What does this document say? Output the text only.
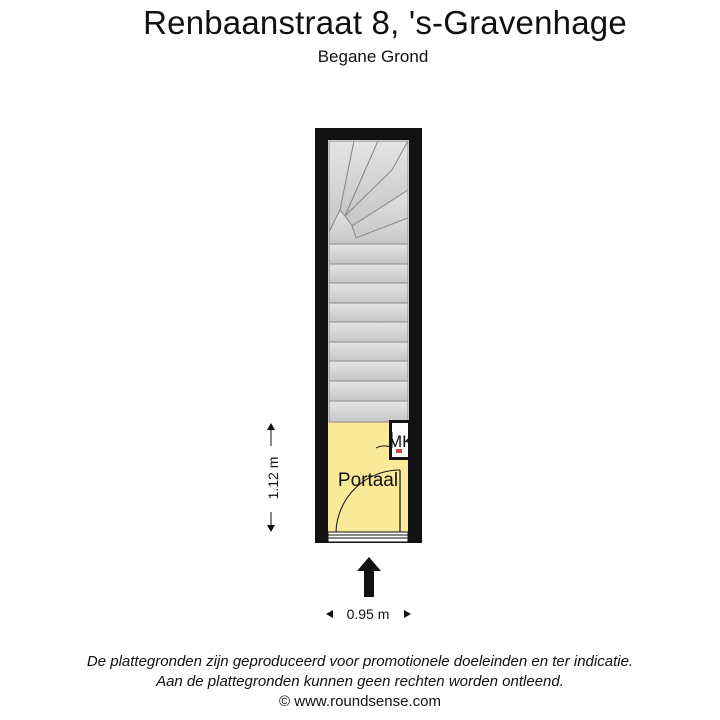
Renbaanstraat 8, 's-Gravenhage
Begane Grond
MK
Portaal
1.12 m
0.95 m
De plattegronden zijn geproduceerd voor promotionele doeleinden en ter indicatie.
Aan de plattegronden kunnen geen rechten worden ontleend.
© www.roundsense.com
